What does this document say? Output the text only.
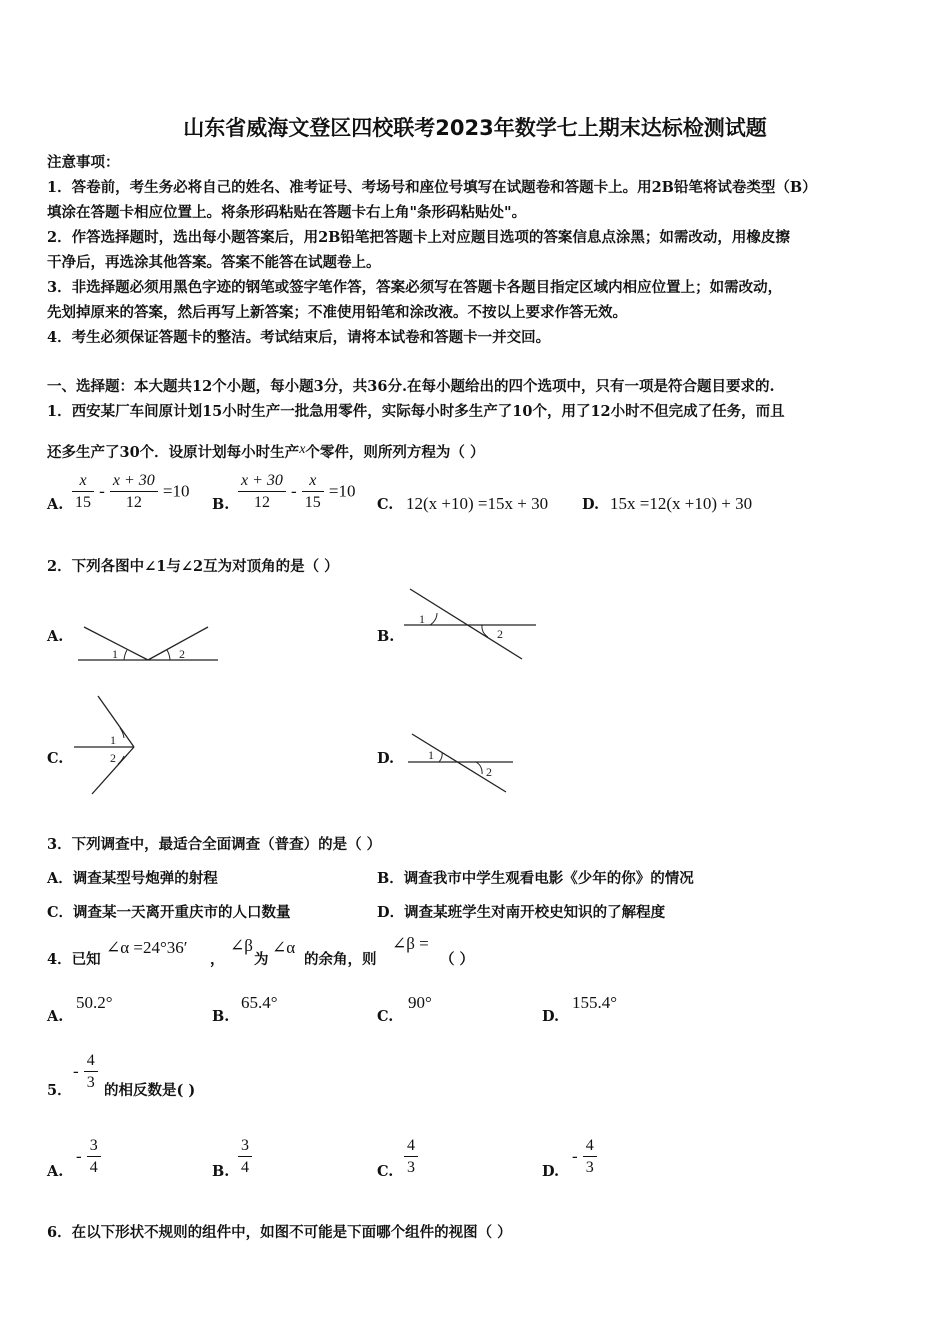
山东省威海文登区四校联考2023年数学七上期末达标检测试题
注意事项：
1．答卷前，考生务必将自己的姓名、准考证号、考场号和座位号填写在试题卷和答题卡上。用2B铅笔将试卷类型（B）
填涂在答题卡相应位置上。将条形码粘贴在答题卡右上角"条形码粘贴处"。
2．作答选择题时，选出每小题答案后，用2B铅笔把答题卡上对应题目选项的答案信息点涂黑；如需改动，用橡皮擦
干净后，再选涂其他答案。答案不能答在试题卷上。
3．非选择题必须用黑色字迹的钢笔或签字笔作答，答案必须写在答题卡各题目指定区域内相应位置上；如需改动，
先划掉原来的答案，然后再写上新答案；不准使用铅笔和涂改液。不按以上要求作答无效。
4．考生必须保证答题卡的整洁。考试结束后，请将本试卷和答题卡一并交回。
一、选择题：本大题共12个小题，每小题3分，共36分.在每小题给出的四个选项中，只有一项是符合题目要求的.
1．西安某厂车间原计划15小时生产一批急用零件，实际每小时多生产了10个，用了12小时不但完成了任务，而且
还多生产了30个．设原计划每小时生产x个零件，则所列方程为（ ）
A. $\frac{x}{15} - \frac{x + 30}{12} =10$
B. $\frac{x + 30}{12} - \frac{x}{15} =10$
C. 12(x +10) =15x + 30 D. 15x =12(x +10) + 30
2．下列各图中∠1与∠2互为对顶角的是（ ）
A.
1	2
B.
1
2
C.
1
2	D.	1
2
3．下列调查中，最适合全面调查（普查）的是（ ）
A．调查某型号炮弹的射程	B．调查我市中学生观看电影《少年的你》的情况
C．调查某一天离开重庆市的人口数量	D．调查某班学生对南开校史知识的了解程度
4．已知
∠α =24°36′
，
∠β
为
∠α
的余角，则
∠β =
（ ）
A.
50.2°
B.
65.4°
C.
90°
D.
155.4°
5．
- $\frac{4}{3}$ 的相反数是( )
A.
- $\frac{3}{4}$	B. $\frac{3}{4}$	C. $\frac{4}{3}$	D.
- $\frac{4}{3}$
6．在以下形状不规则的组件中，如图不可能是下面哪个组件的视图（ ）
